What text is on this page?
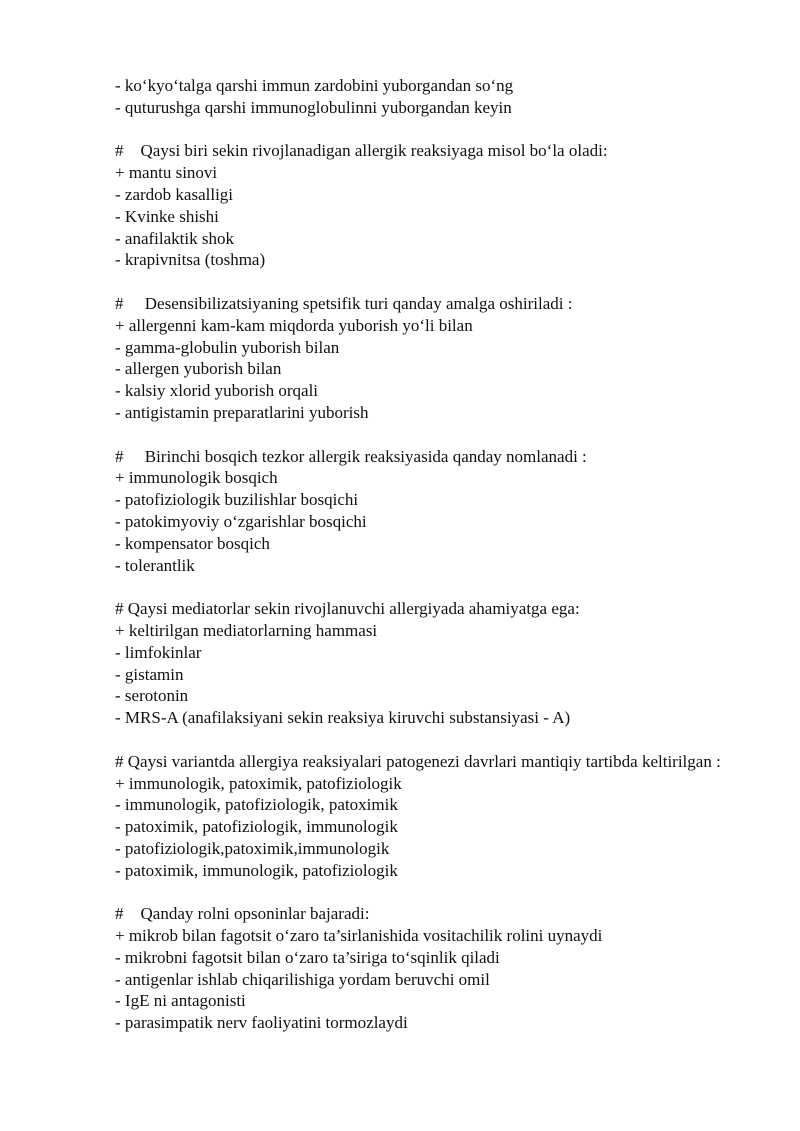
- ko‘kyo‘talga qarshi immun zardobini yuborgandan so‘ng

- quturushgа qarshi immunoglobulinni yuborgandan keyin

#    Qaysi biri sekin rivojlanadigan allergik reaksiyaga misol bo‘la oladi:

+ mantu sinovi

- zardob kasalligi

- Kvinke shishi

- anafilaktik shok

- krapivnitsa (toshma)

#     Desensibilizatsiyaning spetsifik turi qanday amalga oshiriladi :

+ allergenni kam-kam miqdorda yuborish yo‘li bilan

- gamma-globulin yuborish bilan

- allergen yuborish bilan

- kalsiy xlorid yuborish orqali

- antigistamin preparatlarini yuborish

#     Birinchi bosqich tezkor allergik reaksiyasida qanday nomlanadi :

+ immunologik bosqich

- patofiziologik buzilishlar bosqichi

- patokimyoviy o‘zgarishlar bosqichi

- kompensator bosqich

- tolerantlik

# Qaysi mediatorlar sekin rivojlanuvchi allergiyada ahamiyatga ega:

+ keltirilgan mediatorlarning hammasi

- limfokinlar

- gistamin

- serotonin

- MRS-A (anafilaksiyani sekin reaksiya kiruvchi substansiyasi - A)

# Qaysi variantda allergiya reaksiyalari patogenezi davrlari mantiqiy tartibda keltirilgan :

+ immunologik, patoximik, patofiziologik

- immunologik, patofiziologik, patoximik

- patoximik, patofiziologik, immunologik

- patofiziologik,patoximik,immunologik

- patoximik, immunologik, patofiziologik

#    Qanday rolni opsoninlar bajaradi:

+ mikrob bilan fagotsit o‘zaro ta’sirlanishida vositachilik rolini uynaydi

- mikrobni fagotsit bilan o‘zaro ta’siriga to‘sqinlik qiladi

- antigenlar ishlab chiqarilishiga yordam beruvchi omil

- IgE ni antagonisti

- parasimpatik nerv faoliyatini tormozlaydi
